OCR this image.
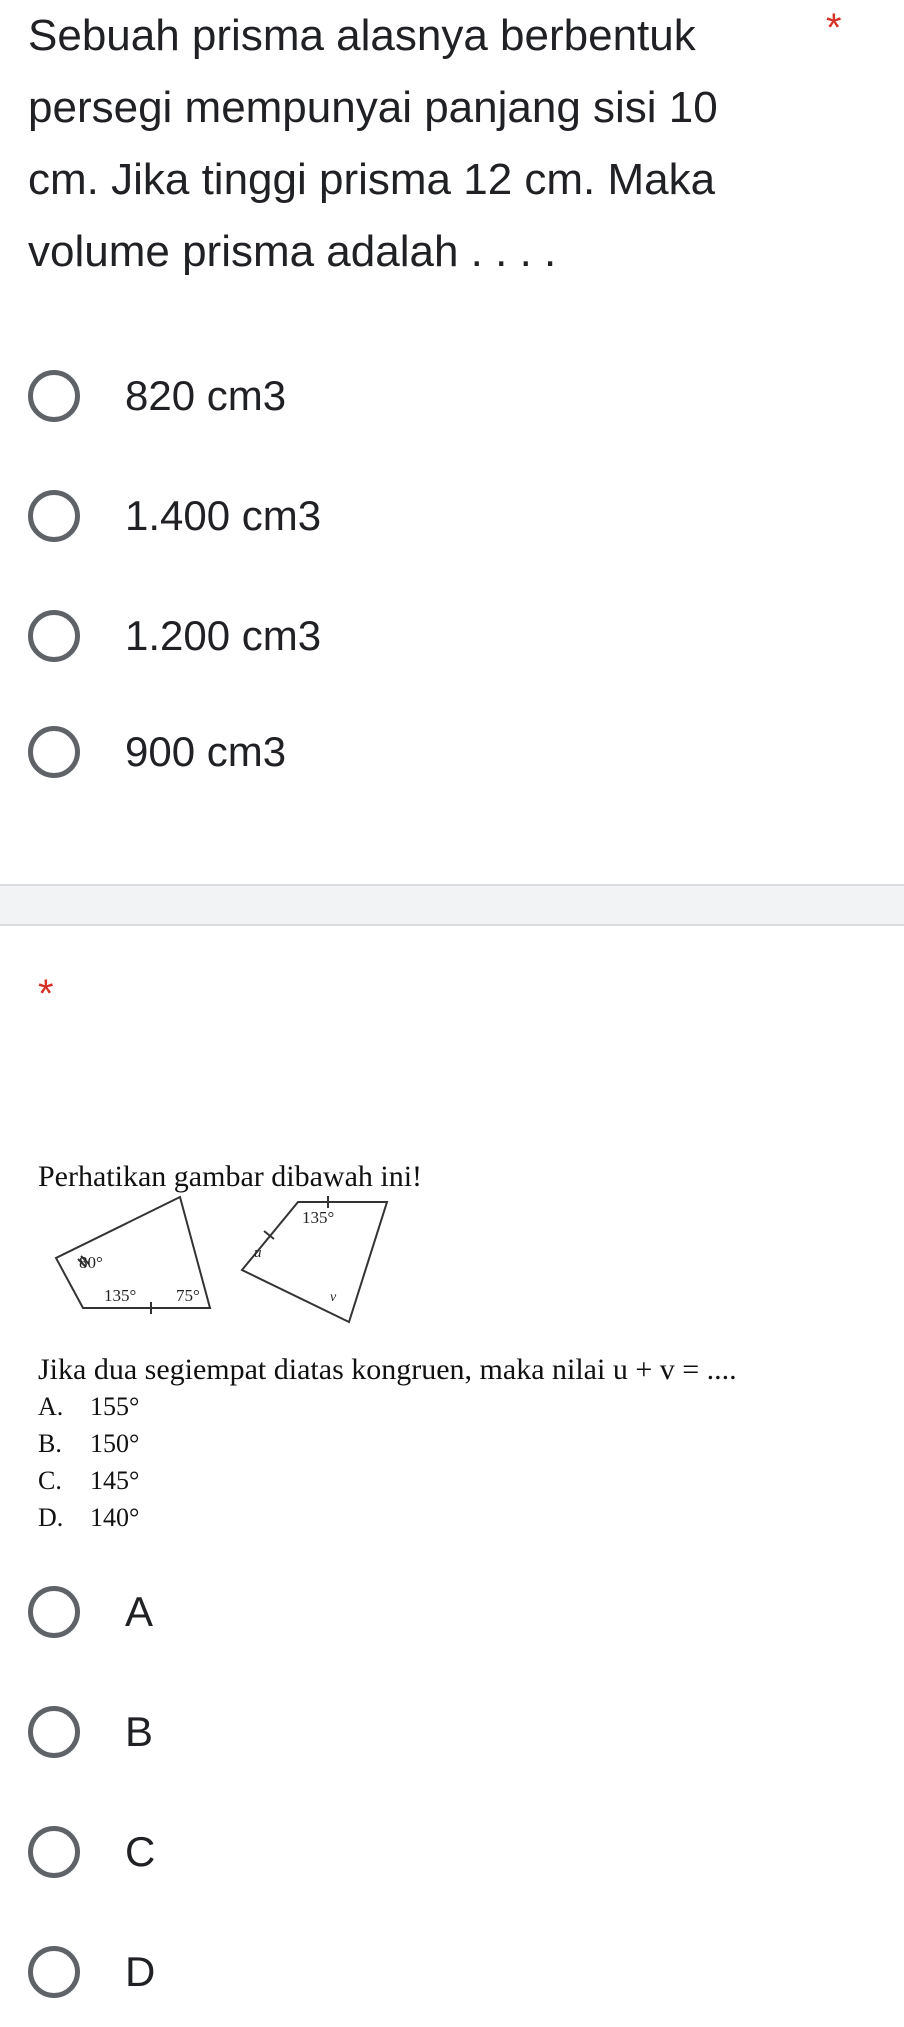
Sebuah prisma alasnya berbentuk
persegi mempunyai panjang sisi 10
cm. Jika tinggi prisma 12 cm. Maka
volume prisma adalah . . . .
*
820 cm3
1.400 cm3
1.200 cm3
900 cm3
*
Perhatikan gambar dibawah ini!
80°
135° 75°
135°
u
v
Jika dua segiempat diatas kongruen, maka nilai u + v = ....
A. 155°
B. 150°
C. 145°
D. 140°
A
B
C
D
